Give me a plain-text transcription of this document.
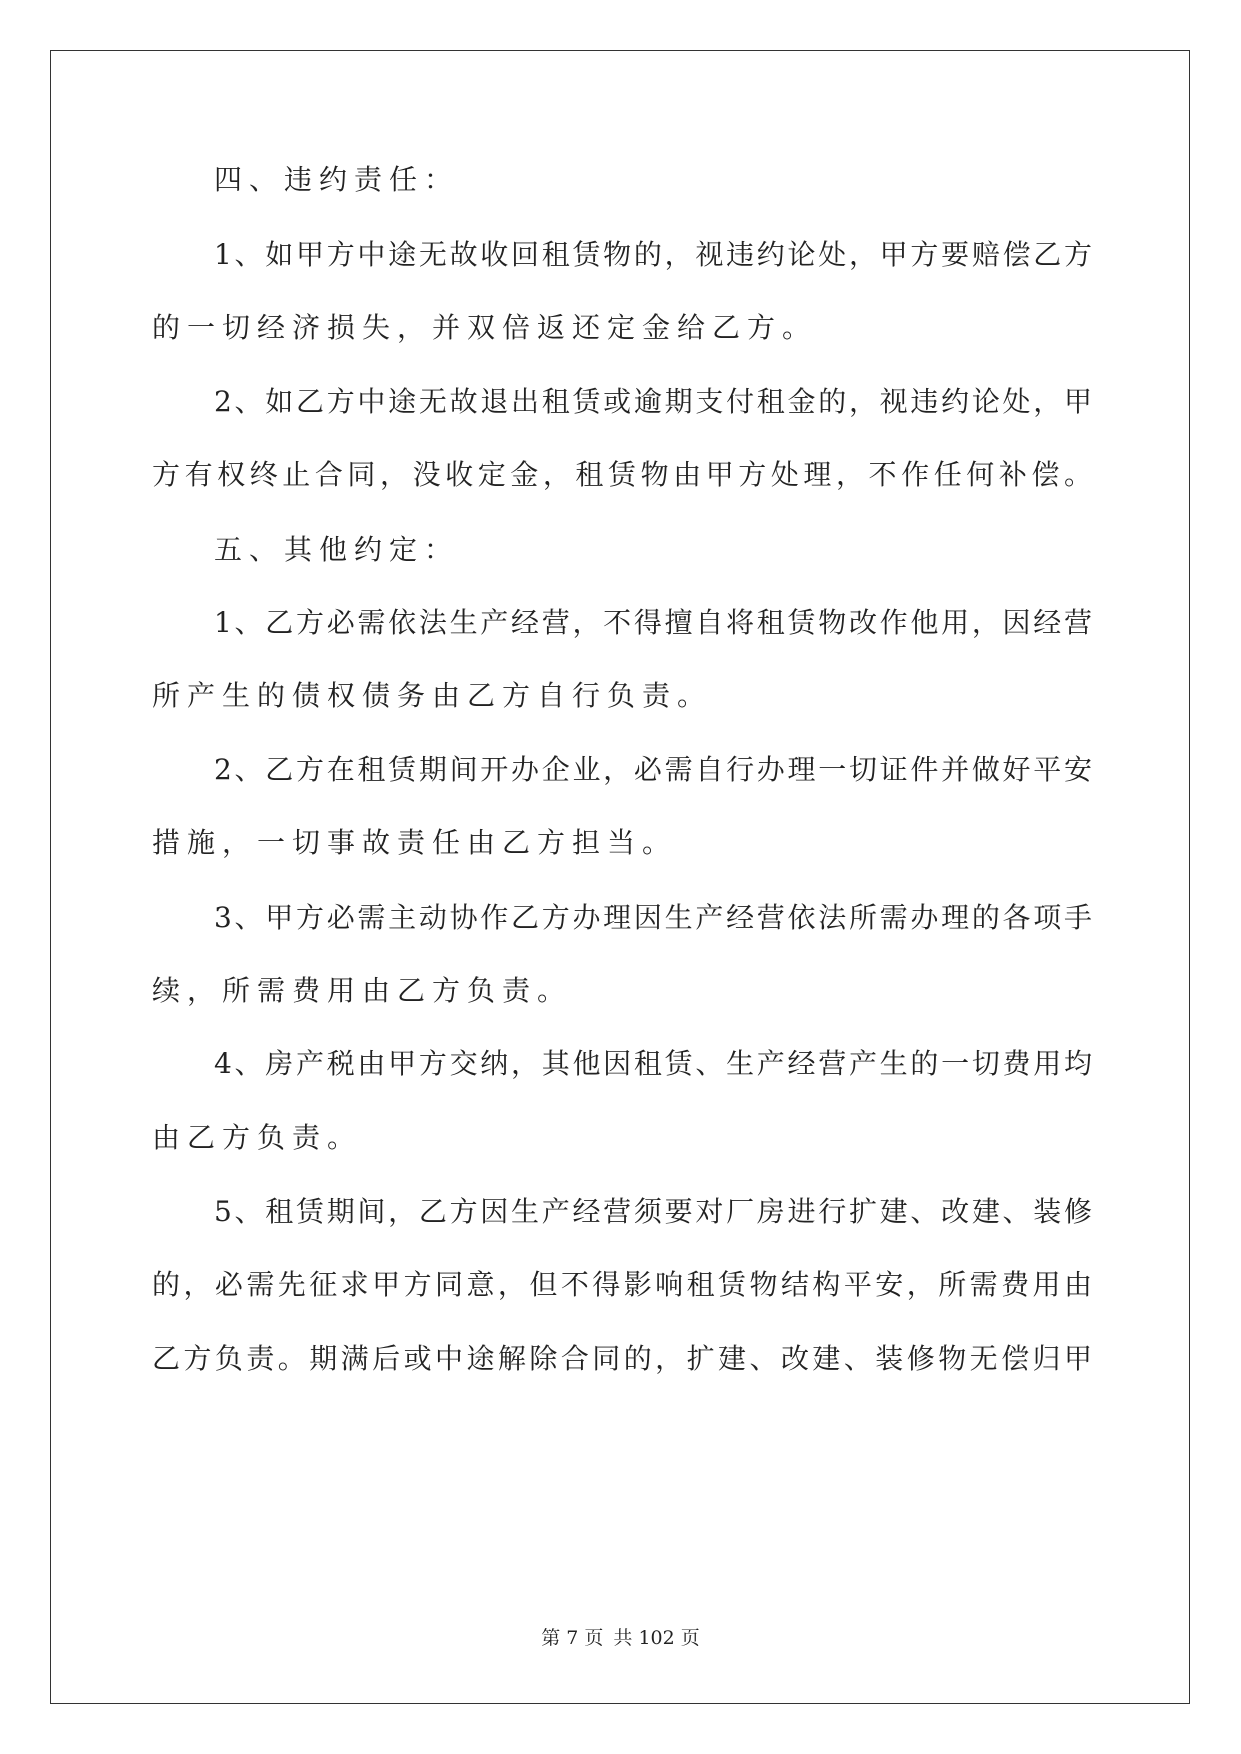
四、违约责任：
1、如甲方中途无故收回租赁物的，视违约论处，甲方要赔偿乙方
的一切经济损失，并双倍返还定金给乙方。
2、如乙方中途无故退出租赁或逾期支付租金的，视违约论处，甲
方有权终止合同，没收定金，租赁物由甲方处理，不作任何补偿。
五、其他约定：
1、乙方必需依法生产经营，不得擅自将租赁物改作他用，因经营
所产生的债权债务由乙方自行负责。
2、乙方在租赁期间开办企业，必需自行办理一切证件并做好平安
措施，一切事故责任由乙方担当。
3、甲方必需主动协作乙方办理因生产经营依法所需办理的各项手
续，所需费用由乙方负责。
4、房产税由甲方交纳，其他因租赁、生产经营产生的一切费用均
由乙方负责。
5、租赁期间，乙方因生产经营须要对厂房进行扩建、改建、装修
的，必需先征求甲方同意，但不得影响租赁物结构平安，所需费用由
乙方负责。期满后或中途解除合同的，扩建、改建、装修物无偿归甲
第 7 页 共 102 页
